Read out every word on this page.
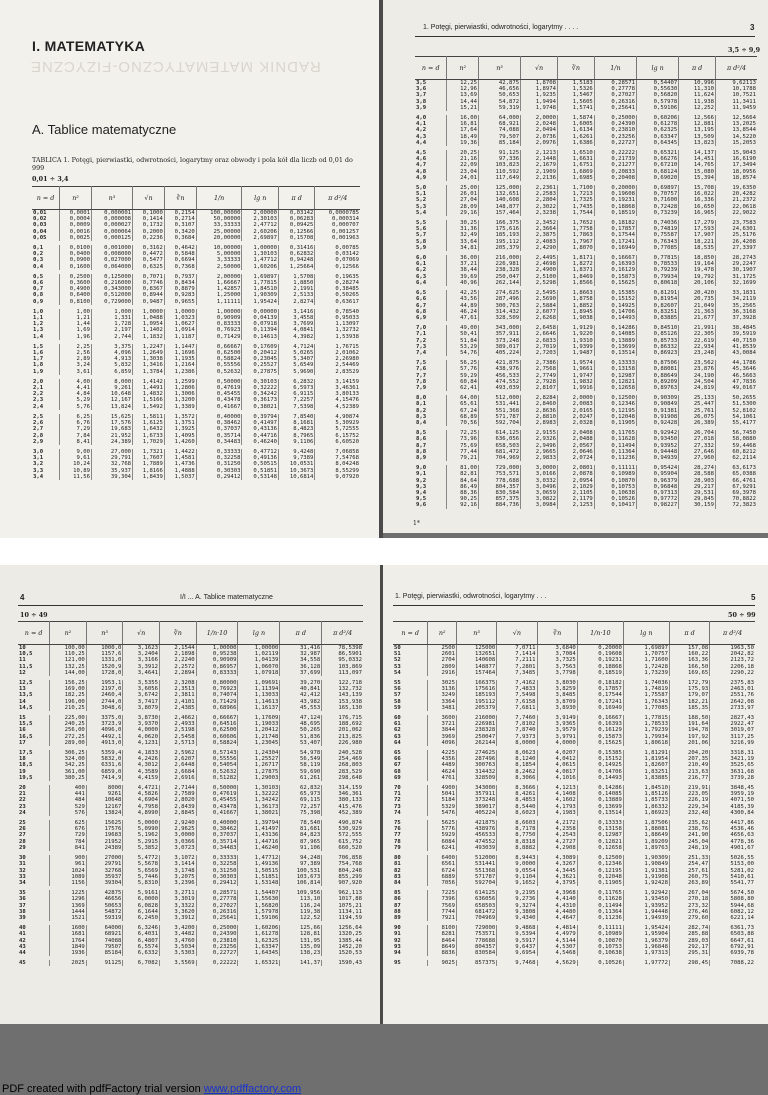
I. MATEMATYKA
RADNIK MATEMATYCZNO-FIZYCZNE
A. Tablice matematyczne
TABLICA 1. Potęgi, pierwiastki, odwrotności, logarytmy oraz obwody i pola kół dla liczb od 0,01 do 999
0,01 ÷ 3,4
n = d	n²	n³	√n	∛n	1/n	lg n	π d	π d²/4
0,01	0,0001	0,000001	0,1000	0,2154	100,00000	2,00000	0,03142	0,0000785
0,02	0,0004	0,000008	0,1414	0,2714	50,00000	2,30103	0,06283	0,000314
0,03	0,0009	0,000027	0,1732	0,3107	33,33333	2,47712	0,09425	0,000707
0,04	0,0016	0,000064	0,2000	0,3420	25,00000	2,60206	0,12566	0,001257
0,05	0,0025	0,000125	0,2236	0,3684	20,00000	2,69897	0,15708	0,001963

0,1	0,0100	0,001000	0,3162	0,4642	10,00000	1,00000	0,31416	0,00785
0,2	0,0400	0,008000	0,4472	0,5848	5,00000	1,30103	0,62832	0,03142
0,3	0,0900	0,027000	0,5477	0,6694	3,33333	1,47712	0,94248	0,07069
0,4	0,1600	0,064000	0,6325	0,7368	2,50000	1,60206	1,25664	0,12566

0,5	0,2500	0,125000	0,7071	0,7937	2,00000	1,69897	1,5708	0,19635
0,6	0,3600	0,216000	0,7746	0,8434	1,66667	1,77815	1,8850	0,28274
0,7	0,4900	0,343000	0,8367	0,8879	1,42857	1,84510	2,1991	0,38485
0,8	0,6400	0,512000	0,8944	0,9283	1,25000	1,90309	2,5133	0,50265
0,9	0,8100	0,729000	0,9487	0,9655	1,11111	1,95424	2,8274	0,63617

1,0	1,00	1,000	1,0000	1,0000	1,00000	0,00000	3,1416	0,78540
1,1	1,21	1,331	1,0488	1,0323	0,90909	0,04139	3,4558	0,95033
1,2	1,44	1,728	1,0954	1,0627	0,83333	0,07918	3,7699	1,13097
1,3	1,69	2,197	1,1402	1,0914	0,76923	0,11394	4,0841	1,32732
1,4	1,96	2,744	1,1832	1,1187	0,71429	0,14613	4,3982	1,53938

1,5	2,25	3,375	1,2247	1,1447	0,66667	0,17609	4,7124	1,76715
1,6	2,56	4,096	1,2649	1,1696	0,62500	0,20412	5,0265	2,01062
1,7	2,89	4,913	1,3038	1,1935	0,58824	0,23045	5,3407	2,26980
1,8	3,24	5,832	1,3416	1,2164	0,55556	0,25527	5,6549	2,54469
1,9	3,61	6,859	1,3784	1,2386	0,52632	0,27875	5,9690	2,83529

2,0	4,00	8,000	1,4142	1,2599	0,50000	0,30103	6,2832	3,14159
2,1	4,41	9,261	1,4491	1,2806	0,47619	0,32222	6,5973	3,46361
2,2	4,84	10,648	1,4832	1,3006	0,45455	0,34242	6,9115	3,80133
2,3	5,29	12,167	1,5166	1,3200	0,43478	0,36173	7,2257	4,15476
2,4	5,76	13,824	1,5492	1,3389	0,41667	0,38021	7,5398	4,52389

2,5	6,25	15,625	1,5811	1,3572	0,40000	0,39794	7,8540	4,90874
2,6	6,76	17,576	1,6125	1,3751	0,38462	0,41497	8,1681	5,30929
2,7	7,29	19,683	1,6432	1,3925	0,37037	0,43136	8,4823	5,72555
2,8	7,84	21,952	1,6733	1,4095	0,35714	0,44716	8,7965	6,15752
2,9	8,41	24,389	1,7029	1,4260	0,34483	0,46240	9,1106	6,60520

3,0	9,00	27,000	1,7321	1,4422	0,33333	0,47712	9,4248	7,06858
3,1	9,61	29,791	1,7607	1,4581	0,32258	0,49136	9,7389	7,54768
3,2	10,24	32,768	1,7889	1,4736	0,31250	0,50515	10,0531	8,04248
3,3	10,89	35,937	1,8166	1,4888	0,30303	0,51851	10,3673	8,55299
3,4	11,56	39,304	1,8439	1,5037	0,29412	0,53148	10,6814	9,07920
1. Potęgi, pierwiastki, odwrotności, logarytmy . . . .	3
3,5 ÷ 9,9
n = d	n²	n³	√n	∛n	1/n	lg n	π d	π d²/4
3,5	12,25	42,875	1,8708	1,5183	0,28571	0,54407	10,996	9,62113
3,6	12,96	46,656	1,8974	1,5326	0,27778	0,55630	11,310	10,1788
3,7	13,69	50,653	1,9235	1,5467	0,27027	0,56820	11,624	10,7521
3,8	14,44	54,872	1,9494	1,5605	0,26316	0,57978	11,938	11,3411
3,9	15,21	59,319	1,9748	1,5741	0,25641	0,59106	12,252	11,9459

4,0	16,00	64,000	2,0000	1,5874	0,25000	0,60206	12,566	12,5664
4,1	16,81	68,921	2,0248	1,6005	0,24390	0,61278	12,881	13,2025
4,2	17,64	74,088	2,0494	1,6134	0,23810	0,62325	13,195	13,8544
4,3	18,49	79,507	2,0736	1,6261	0,23256	0,63347	13,509	14,5220
4,4	19,36	85,184	2,0976	1,6386	0,22727	0,64345	13,823	15,2053

4,5	20,25	91,125	2,1213	1,6510	0,22222	0,65321	14,137	15,9043
4,6	21,16	97,336	2,1448	1,6631	0,21739	0,66276	14,451	16,6190
4,7	22,09	103,823	2,1679	1,6751	0,21277	0,67210	14,765	17,3494
4,8	23,04	110,592	2,1909	1,6869	0,20833	0,68124	15,080	18,0956
4,9	24,01	117,649	2,2136	1,6985	0,20408	0,69020	15,394	18,8574

5,0	25,00	125,000	2,2361	1,7100	0,20000	0,69897	15,708	19,6350
5,1	26,01	132,651	2,2583	1,7213	0,19608	0,70757	16,022	20,4282
5,2	27,04	140,608	2,2804	1,7325	0,19231	0,71600	16,336	21,2372
5,3	28,09	148,877	2,3022	1,7435	0,18868	0,72428	16,650	22,0618
5,4	29,16	157,464	2,3238	1,7544	0,18519	0,73239	16,965	22,9022

5,5	30,25	166,375	2,3452	1,7652	0,18182	0,74036	17,279	23,7583
5,6	31,36	175,616	2,3664	1,7758	0,17857	0,74819	17,593	24,6301
5,7	32,49	185,193	2,3875	1,7863	0,17544	0,75587	17,907	25,5176
5,8	33,64	195,112	2,4083	1,7967	0,17241	0,76343	18,221	26,4208
5,9	34,81	205,379	2,4290	1,8070	0,16949	0,77085	18,535	27,3397

6,0	36,00	216,000	2,4495	1,8171	0,16667	0,77815	18,850	28,2743
6,1	37,21	226,981	2,4698	1,8272	0,16393	0,78533	19,164	29,2247
6,2	38,44	238,328	2,4900	1,8371	0,16129	0,79239	19,478	30,1907
6,3	39,69	250,047	2,5100	1,8469	0,15873	0,79934	19,792	31,1725
6,4	40,96	262,144	2,5298	1,8566	0,15625	0,80618	20,106	32,1699

6,5	42,25	274,625	2,5495	1,8663	0,15385	0,81291	20,420	33,1831
6,6	43,56	287,496	2,5690	1,8758	0,15152	0,81954	20,735	34,2119
6,7	44,89	300,763	2,5884	1,8852	0,14925	0,82607	21,049	35,2565
6,8	46,24	314,432	2,6077	1,8945	0,14706	0,83251	21,363	36,3168
6,9	47,61	328,509	2,6268	1,9038	0,14493	0,83885	21,677	37,3928

7,0	49,00	343,000	2,6458	1,9129	0,14286	0,84510	21,991	38,4845
7,1	50,41	357,911	2,6646	1,9220	0,14085	0,85126	22,305	39,5919
7,2	51,84	373,248	2,6833	1,9310	0,13889	0,85733	22,619	40,7150
7,3	53,29	389,017	2,7019	1,9399	0,13699	0,86332	22,934	41,8539
7,4	54,76	405,224	2,7203	1,9487	0,13514	0,86923	23,248	43,0084

7,5	56,25	421,875	2,7386	1,9574	0,13333	0,87506	23,562	44,1786
7,6	57,76	438,976	2,7568	1,9661	0,13158	0,88081	23,876	45,3646
7,7	59,29	456,533	2,7749	1,9747	0,12987	0,88649	24,190	46,5663
7,8	60,84	474,552	2,7928	1,9832	0,12821	0,89209	24,504	47,7836
7,9	62,41	493,039	2,8107	1,9916	0,12658	0,89763	24,819	49,0167

8,0	64,00	512,000	2,8284	2,0000	0,12500	0,90309	25,133	50,2655
8,1	65,61	531,441	2,8460	2,0083	0,12346	0,90849	25,447	51,5300
8,2	67,24	551,368	2,8636	2,0165	0,12195	0,91381	25,761	52,8102
8,3	68,89	571,787	2,8810	2,0247	0,12048	0,91908	26,075	54,1061
8,4	70,56	592,704	2,8983	2,0328	0,11905	0,92428	26,389	55,4177

8,5	72,25	614,125	2,9155	2,0408	0,11765	0,92942	26,704	56,7450
8,6	73,96	636,056	2,9326	2,0488	0,11628	0,93450	27,018	58,0880
8,7	75,69	658,503	2,9496	2,0567	0,11494	0,93952	27,332	59,4468
8,8	77,44	681,472	2,9665	2,0646	0,11364	0,94448	27,646	60,8212
8,9	79,21	704,969	2,9833	2,0724	0,11236	0,94939	27,960	62,2114

9,0	81,00	729,000	3,0000	2,0801	0,11111	0,95424	28,274	63,6173
9,1	82,81	753,571	3,0166	2,0878	0,10989	0,95904	28,588	65,0388
9,2	84,64	778,688	3,0332	2,0954	0,10870	0,96379	28,903	66,4761
9,3	86,49	804,357	3,0496	2,1029	0,10753	0,96848	29,217	67,9291
9,4	88,36	830,584	3,0659	2,1105	0,10638	0,97313	29,531	69,3978
9,5	90,25	857,375	3,0822	2,1179	0,10526	0,97772	29,845	70,8822
9,6	92,16	884,736	3,0984	2,1253	0,10417	0,98227	30,159	72,3823
1*
PDF created with pdfFactory trial version www.pdffactory.com
4	I/I ... A. Tablice matematyczne
10 ÷ 49
n = d	n²	n³	√n	∛n	1/n·10	lg n	π d	π d²/4
10	100,00	1000,0	3,1623	2,1544	1,00000	1,00000	31,416	78,5398
10,5	110,25	1157,6	3,2404	2,1898	0,95238	1,02119	32,987	86,5901
11	121,00	1331,0	3,3166	2,2240	0,90909	1,04139	34,558	95,0332
11,5	132,25	1520,9	3,3912	2,2572	0,86957	1,06070	36,128	103,869
12	144,00	1728,0	3,4641	2,2894	0,83333	1,07918	37,699	113,097

12,5	156,25	1953,1	3,5355	2,3208	0,80000	1,09691	39,270	122,718
13	169,00	2197,0	3,6056	2,3513	0,76923	1,11394	40,841	132,732
13,5	182,25	2460,4	3,6742	2,3811	0,74074	1,13033	42,412	143,139
14	196,00	2744,0	3,7417	2,4101	0,71429	1,14613	43,982	153,938
14,5	210,25	3048,6	3,8079	2,4385	0,68966	1,16137	45,553	165,130

15	225,00	3375,0	3,8730	2,4662	0,66667	1,17609	47,124	176,715
15,5	240,25	3723,9	3,9370	2,4933	0,64516	1,19033	48,695	188,692
16	256,00	4096,0	4,0000	2,5198	0,62500	1,20412	50,265	201,062
16,5	272,25	4492,1	4,0620	2,5458	0,60606	1,21748	51,836	213,825
17	289,00	4913,0	4,1231	2,5713	0,58824	1,23045	53,407	226,980

17,5	306,25	5359,4	4,1833	2,5962	0,57143	1,24304	54,978	240,528
18	324,00	5832,0	4,2426	2,6207	0,55556	1,25527	56,549	254,469
18,5	342,25	6331,6	4,3012	2,6448	0,54054	1,26717	58,119	268,803
19	361,00	6859,0	4,3589	2,6684	0,52632	1,27875	59,690	283,529
19,5	380,25	7414,9	4,4159	2,6916	0,51282	1,29003	61,261	298,648

20	400	8000	4,4721	2,7144	0,50000	1,30103	62,832	314,159
21	441	9261	4,5826	2,7589	0,47619	1,32222	65,973	346,361
22	484	10648	4,6904	2,8020	0,45455	1,34242	69,115	380,133
23	529	12167	4,7958	2,8439	0,43478	1,36173	72,257	415,476
24	576	13824	4,8990	2,8845	0,41667	1,38021	75,398	452,389

25	625	15625	5,0000	2,9240	0,40000	1,39794	78,540	490,874
26	676	17576	5,0990	2,9625	0,38462	1,41497	81,681	530,929
27	729	19683	5,1962	3,0000	0,37037	1,43136	84,823	572,555
28	784	21952	5,2915	3,0366	0,35714	1,44716	87,965	615,752
29	841	24389	5,3852	3,0723	0,34483	1,46240	91,106	660,520

30	900	27000	5,4772	3,1072	0,33333	1,47712	94,248	706,858
31	961	29791	5,5678	3,1414	0,32258	1,49136	97,389	754,768
32	1024	32768	5,6569	3,1748	0,31250	1,50515	100,531	804,248
33	1089	35937	5,7446	3,2075	0,30303	1,51851	103,673	855,299
34	1156	39304	5,8310	3,2396	0,29412	1,53148	106,814	907,920

35	1225	42875	5,9161	3,2711	0,28571	1,54407	109,956	962,113
36	1296	46656	6,0000	3,3019	0,27778	1,55630	113,10	1017,88
37	1369	50653	6,0828	3,3322	0,27027	1,56820	116,24	1075,21
38	1444	54872	6,1644	3,3620	0,26316	1,57978	119,38	1134,11
39	1521	59319	6,2450	3,3912	0,25641	1,59106	122,52	1194,59

40	1600	64000	6,3246	3,4200	0,25000	1,60206	125,66	1256,64
41	1681	68921	6,4031	3,4482	0,24390	1,61278	128,81	1320,25
42	1764	74088	6,4807	3,4760	0,23810	1,62325	131,95	1385,44
43	1849	79507	6,5574	3,5034	0,23256	1,63347	135,09	1452,20
44	1936	85184	6,6332	3,5303	0,22727	1,64345	138,23	1520,53

45	2025	91125	6,7082	3,5569	0,22222	1,65321	141,37	1590,43
1. Potęgi, pierwiastki, odwrotności, logarytmy . . .	5
50 ÷ 99
n = d	n²	n³	√n	∛n	1/n·10	lg n	π d	π d²/4
50	2500	125000	7,0711	3,6840	0,20000	1,69897	157,08	1963,50
51	2601	132651	7,1414	3,7084	0,19608	1,70757	160,22	2042,82
52	2704	140608	7,2111	3,7325	0,19231	1,71600	163,36	2123,72
53	2809	148877	7,2801	3,7563	0,18868	1,72428	166,50	2206,18
54	2916	157464	7,3485	3,7798	0,18519	1,73239	169,65	2290,22

55	3025	166375	7,4162	3,8030	0,18182	1,74036	172,79	2375,83
56	3136	175616	7,4833	3,8259	0,17857	1,74819	175,93	2463,01
57	3249	185193	7,5498	3,8485	0,17544	1,75587	179,07	2551,76
58	3364	195112	7,6158	3,8709	0,17241	1,76343	182,21	2642,08
59	3481	205379	7,6811	3,8930	0,16949	1,77085	185,35	2733,97

60	3600	216000	7,7460	3,9149	0,16667	1,77815	188,50	2827,43
61	3721	226981	7,8102	3,9365	0,16393	1,78533	191,64	2922,47
62	3844	238328	7,8740	3,9579	0,16129	1,79239	194,78	3019,07
63	3969	250047	7,9373	3,9791	0,15873	1,79934	197,92	3117,25
64	4096	262144	8,0000	4,0000	0,15625	1,80618	201,06	3216,99

65	4225	274625	8,0623	4,0207	0,15385	1,81291	204,20	3318,31
66	4356	287496	8,1240	4,0412	0,15152	1,81954	207,35	3421,19
67	4489	300763	8,1854	4,0615	0,14925	1,82607	210,49	3525,65
68	4624	314432	8,2462	4,0817	0,14706	1,83251	213,63	3631,68
69	4761	328509	8,3066	4,1016	0,14493	1,83885	216,77	3739,28

70	4900	343000	8,3666	4,1213	0,14286	1,84510	219,91	3848,45
71	5041	357911	8,4261	4,1408	0,14085	1,85126	223,05	3959,19
72	5184	373248	8,4853	4,1602	0,13889	1,85733	226,19	4071,50
73	5329	389017	8,5440	4,1793	0,13699	1,86332	229,34	4185,39
74	5476	405224	8,6023	4,1983	0,13514	1,86923	232,48	4300,84

75	5625	421875	8,6603	4,2172	0,13333	1,87506	235,62	4417,86
76	5776	438976	8,7178	4,2358	0,13158	1,88081	238,76	4536,46
77	5929	456533	8,7750	4,2543	0,12987	1,88649	241,90	4656,63
78	6084	474552	8,8318	4,2727	0,12821	1,89209	245,04	4778,36
79	6241	493039	8,8882	4,2908	0,12658	1,89763	248,19	4901,67

80	6400	512000	8,9443	4,3089	0,12500	1,90309	251,33	5026,55
81	6561	531441	9,0000	4,3267	0,12346	1,90849	254,47	5153,00
82	6724	551368	9,0554	4,3445	0,12195	1,91381	257,61	5281,02
83	6889	571787	9,1104	4,3621	0,12048	1,91908	260,75	5410,61
84	7056	592704	9,1652	4,3795	0,11905	1,92428	263,89	5541,77

85	7225	614125	9,2195	4,3968	0,11765	1,92942	267,04	5674,50
86	7396	636056	9,2736	4,4140	0,11628	1,93450	270,18	5808,80
87	7569	658503	9,3274	4,4310	0,11494	1,93952	273,32	5944,68
88	7744	681472	9,3808	4,4480	0,11364	1,94448	276,46	6082,12
89	7921	704969	9,4340	4,4647	0,11236	1,94939	279,60	6221,14

90	8100	729000	9,4868	4,4814	0,11111	1,95424	282,74	6361,73
91	8281	753571	9,5394	4,4979	0,10989	1,95904	285,88	6503,88
92	8464	778688	9,5917	4,5144	0,10870	1,96379	289,03	6647,61
93	8649	804357	9,6437	4,5307	0,10753	1,96848	292,17	6792,91
94	8836	830584	9,6954	4,5468	0,10638	1,97313	295,31	6939,78

95	9025	857375	9,7468	4,5629	0,10526	1,97772	298,45	7088,22
